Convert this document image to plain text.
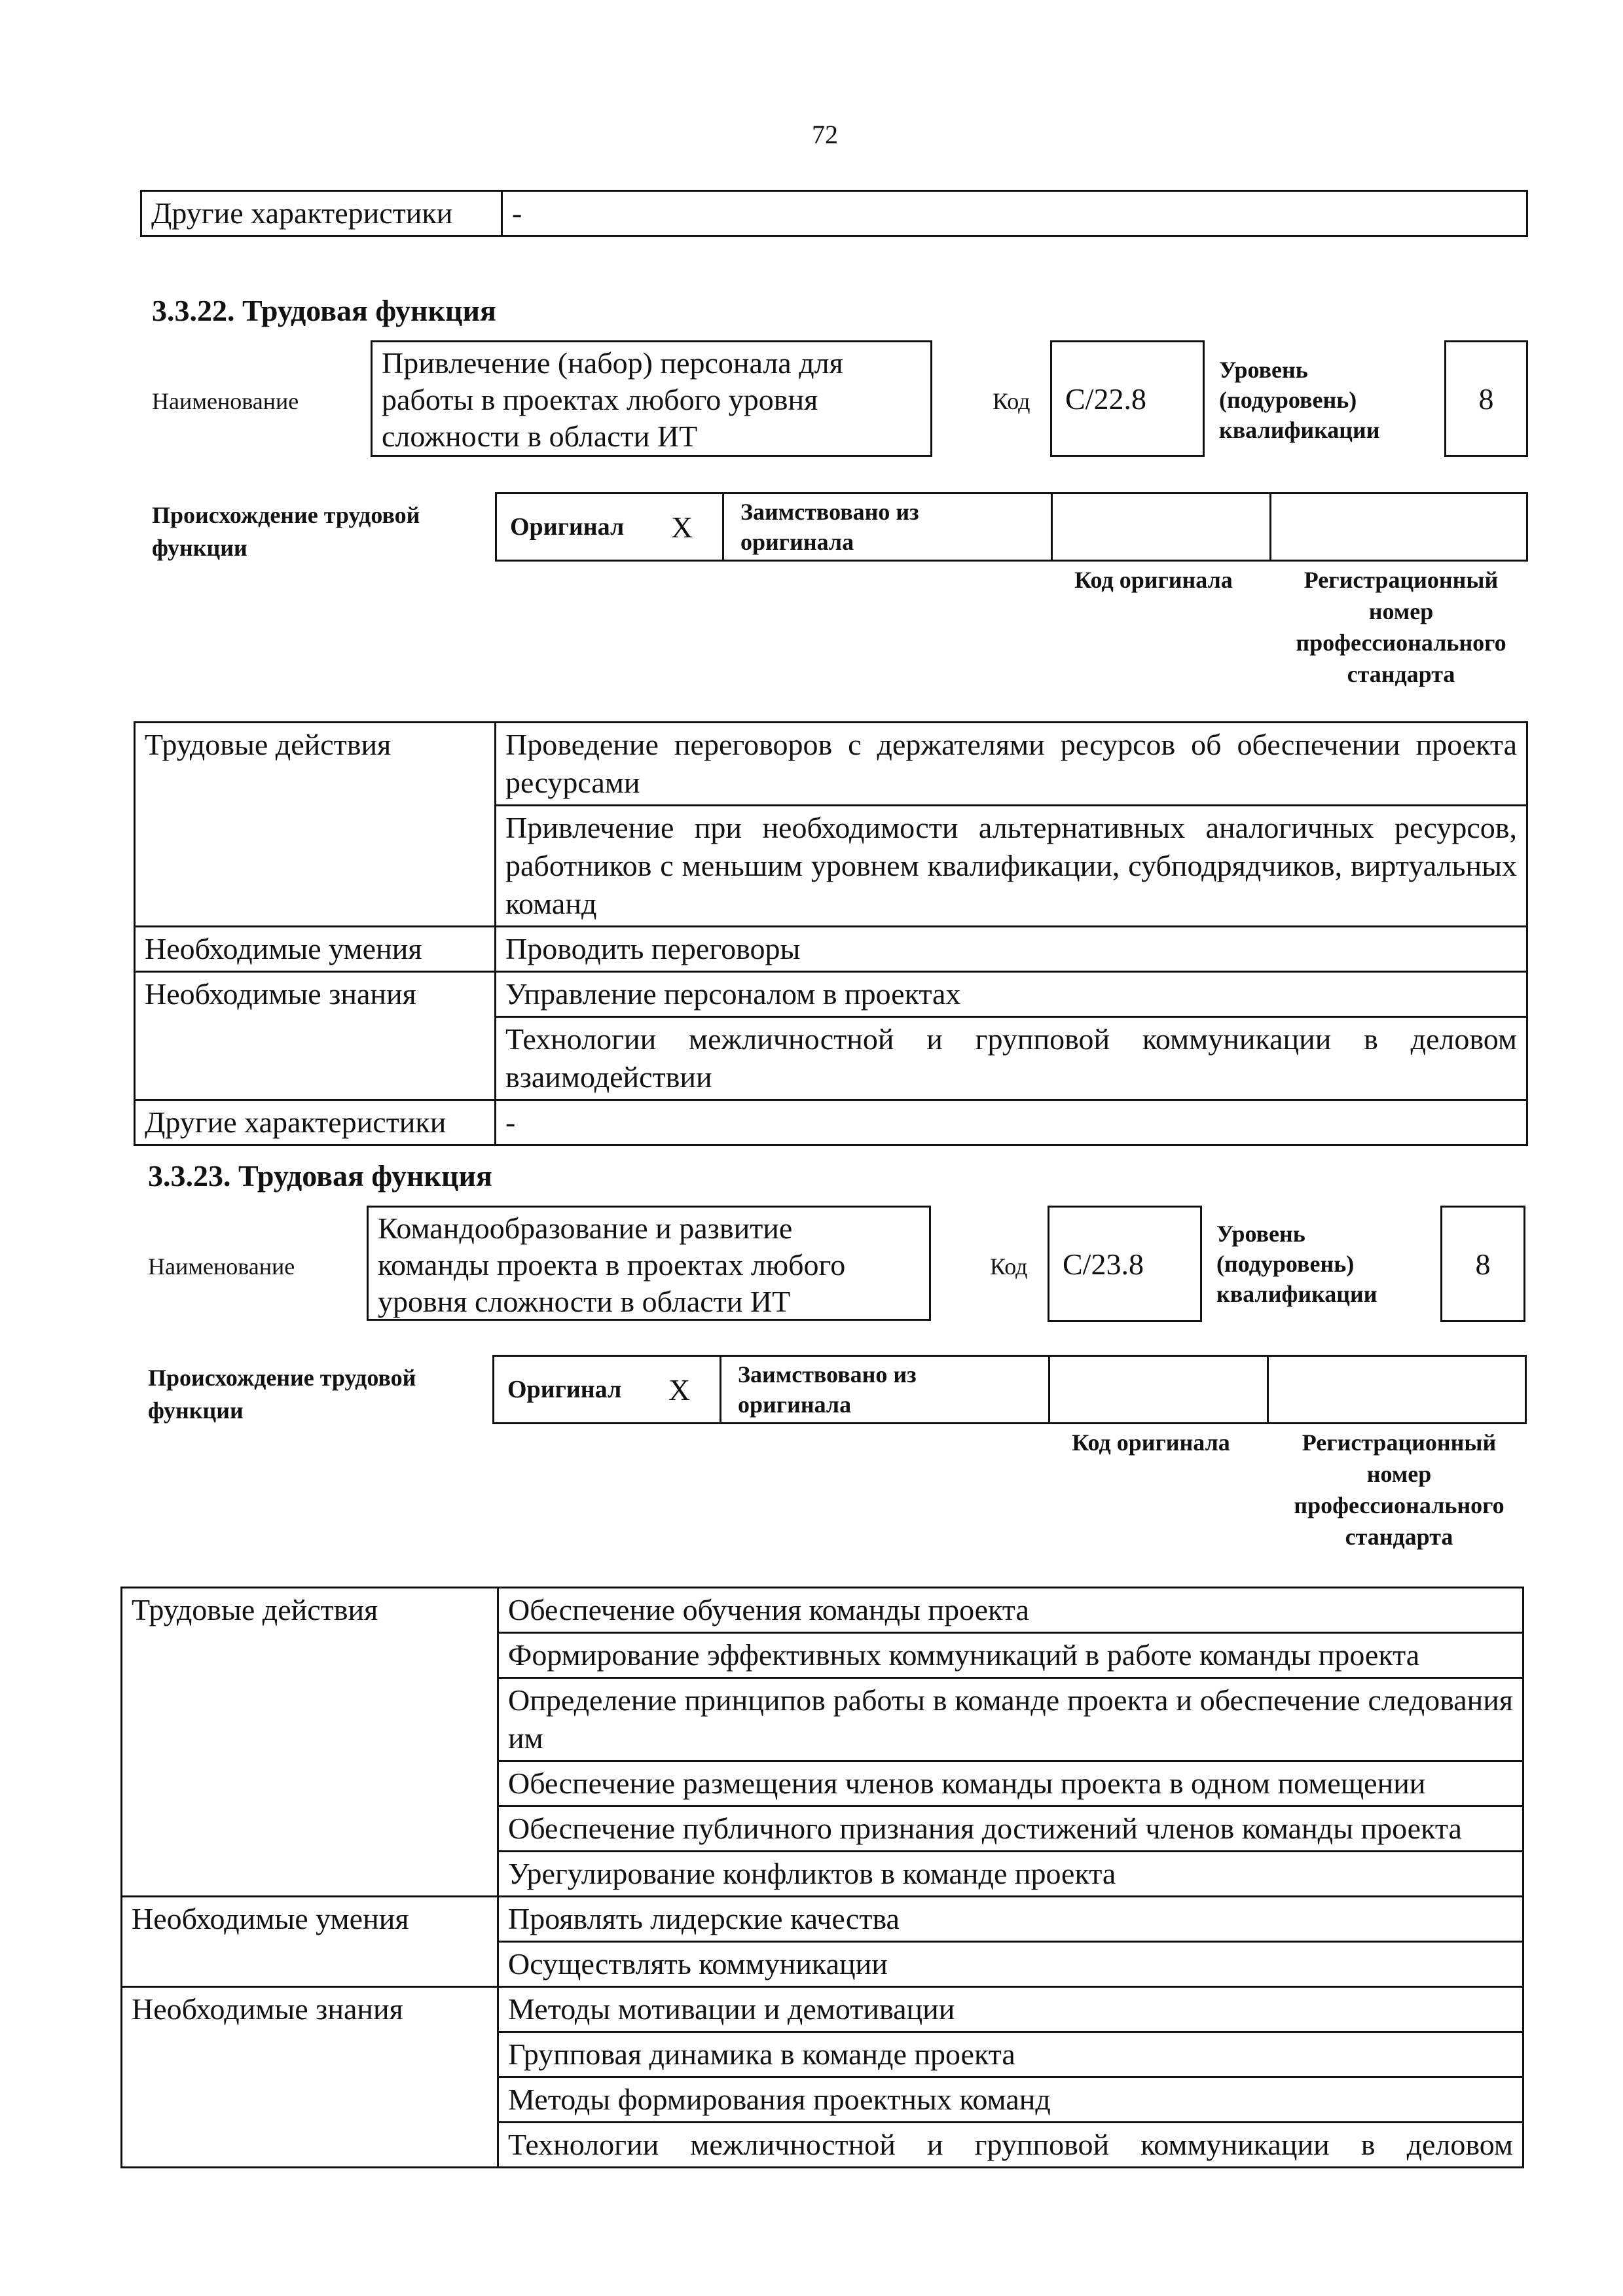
72
Другие характеристики	-
3.3.22. Трудовая функция
Наименование
Привлечение (набор) персонала для
работы в проектах любого уровня
сложности в области ИТ
Код С/22.8
Уровень
(подуровень)
квалификации
8
Происхождение трудовой
функции
Оригинал Х Заимствовано из
оригинала
Код оригинала	Регистрационный
номер
профессионального
стандарта
Трудовые действия	Проведение переговоров с держателями ресурсов об обеспечении проекта ресурсами
	Привлечение при необходимости альтернативных аналогичных ресурсов, работников с меньшим уровнем квалификации, субподрядчиков, виртуальных команд
Необходимые умения	Проводить переговоры
Необходимые знания	Управление персоналом в проектах
	Технологии межличностной и групповой коммуникации в деловом взаимодействии
Другие характеристики	-
3.3.23. Трудовая функция
Наименование
Командообразование и развитие
команды проекта в проектах любого
уровня сложности в области ИТ
Код С/23.8
Уровень
(подуровень)
квалификации
8
Происхождение трудовой
функции
Оригинал Х Заимствовано из
оригинала
Код оригинала	Регистрационный
номер
профессионального
стандарта
Трудовые действия	Обеспечение обучения команды проекта
	Формирование эффективных коммуникаций в работе команды проекта
	Определение принципов работы в команде проекта и обеспечение следования им
	Обеспечение размещения членов команды проекта в одном помещении
	Обеспечение публичного признания достижений членов команды проекта
	Урегулирование конфликтов в команде проекта
Необходимые умения	Проявлять лидерские качества
	Осуществлять коммуникации
Необходимые знания	Методы мотивации и демотивации
	Групповая динамика в команде проекта
	Методы формирования проектных команд
	Технологии межличностной и групповой коммуникации в деловом
